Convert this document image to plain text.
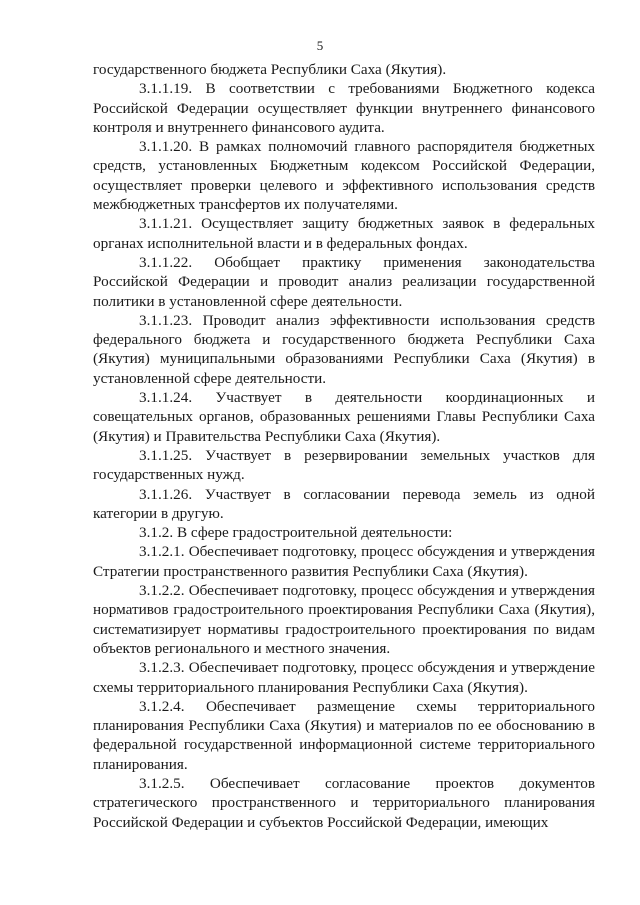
5

государственного бюджета Республики Саха (Якутия).

3.1.1.19. В соответствии с требованиями Бюджетного кодекса Российской Федерации осуществляет функции внутреннего финансового контроля и внутреннего финансового аудита.

3.1.1.20. В рамках полномочий главного распорядителя бюджетных средств, установленных Бюджетным кодексом Российской Федерации, осуществляет проверки целевого и эффективного использования средств межбюджетных трансфертов их получателями.

3.1.1.21. Осуществляет защиту бюджетных заявок в федеральных органах исполнительной власти и в федеральных фондах.

3.1.1.22. Обобщает практику применения законодательства Российской Федерации и проводит анализ реализации государственной политики в установленной сфере деятельности.

3.1.1.23. Проводит анализ эффективности использования средств федерального бюджета и государственного бюджета Республики Саха (Якутия) муниципальными образованиями Республики Саха (Якутия) в установленной сфере деятельности.

3.1.1.24. Участвует в деятельности координационных и совещательных органов, образованных решениями Главы Республики Саха (Якутия) и Правительства Республики Саха (Якутия).

3.1.1.25. Участвует в резервировании земельных участков для государственных нужд.

3.1.1.26. Участвует в согласовании перевода земель из одной категории в другую.

3.1.2. В сфере градостроительной деятельности:

3.1.2.1. Обеспечивает подготовку, процесс обсуждения и утверждения Стратегии пространственного развития Республики Саха (Якутия).

3.1.2.2. Обеспечивает подготовку, процесс обсуждения и утверждения нормативов градостроительного проектирования Республики Саха (Якутия), систематизирует нормативы градостроительного проектирования по видам объектов регионального и местного значения.

3.1.2.3. Обеспечивает подготовку, процесс обсуждения и утверждение схемы территориального планирования Республики Саха (Якутия).

3.1.2.4. Обеспечивает размещение схемы территориального планирования Республики Саха (Якутия) и материалов по ее обоснованию в федеральной государственной информационной системе территориального планирования.

3.1.2.5. Обеспечивает согласование проектов документов стратегического пространственного и территориального планирования Российской Федерации и субъектов Российской Федерации, имеющих
